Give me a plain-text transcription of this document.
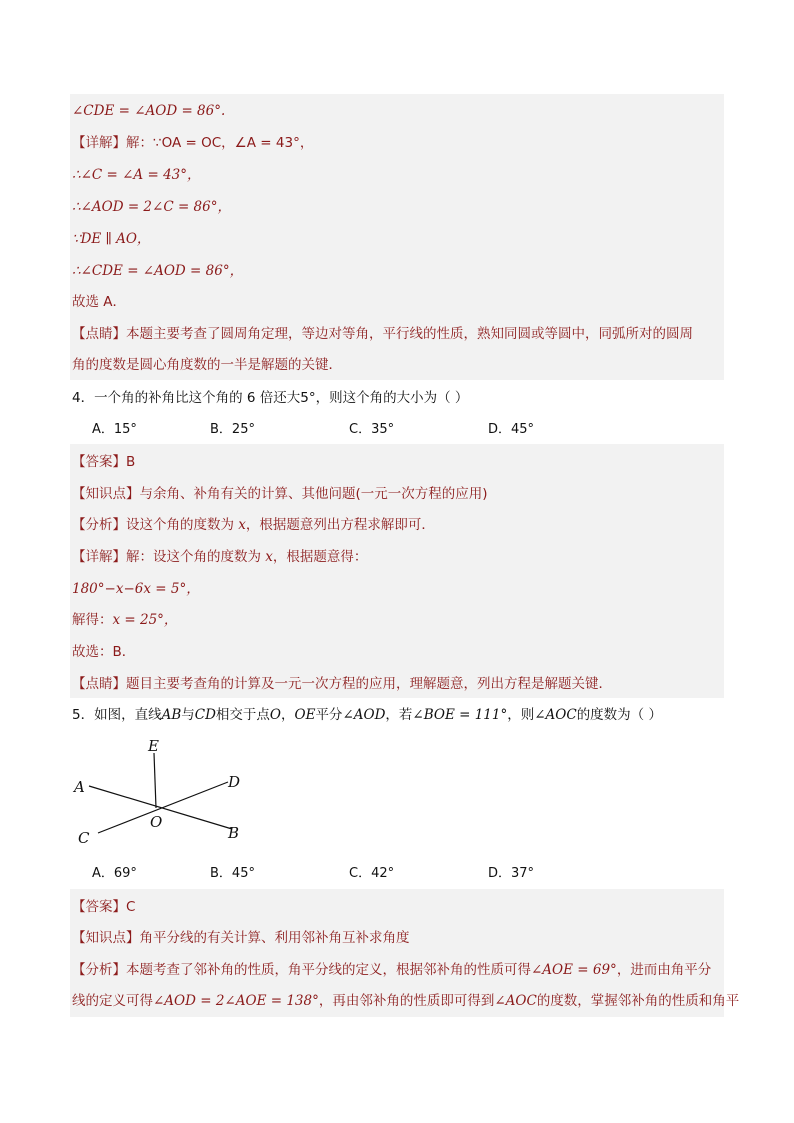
∠CDE = ∠AOD = 86°.
【详解】解：∵OA = OC，∠A = 43°，
∴∠C = ∠A = 43°，
∴∠AOD = 2∠C = 86°，
∵DE ∥ AO，
∴∠CDE = ∠AOD = 86°，
故选 A．
【点睛】本题主要考查了圆周角定理，等边对等角，平行线的性质，熟知同圆或等圆中，同弧所对的圆周
角的度数是圆心角度数的一半是解题的关键．
4．一个角的补角比这个角的 6 倍还大5°，则这个角的大小为（ ）
A．15°	B．25°	C．35°	D．45°
【答案】B
【知识点】与余角、补角有关的计算、其他问题(一元一次方程的应用)
【分析】设这个角的度数为 x，根据题意列出方程求解即可．
【详解】解：设这个角的度数为 x，根据题意得：
180°−x−6x = 5°，
解得：x = 25°，
故选：B．
【点睛】题目主要考查角的计算及一元一次方程的应用，理解题意，列出方程是解题关键．
5．如图，直线AB与CD相交于点O，OE平分∠AOD，若∠BOE = 111°，则∠AOC的度数为（ ）
E
D
A
O
C	B
A．69°	B．45°	C．42°	D．37°
【答案】C
【知识点】角平分线的有关计算、利用邻补角互补求角度
【分析】本题考查了邻补角的性质，角平分线的定义，根据邻补角的性质可得∠AOE = 69°，进而由角平分
线的定义可得∠AOD = 2∠AOE = 138°，再由邻补角的性质即可得到∠AOC的度数，掌握邻补角的性质和角平
